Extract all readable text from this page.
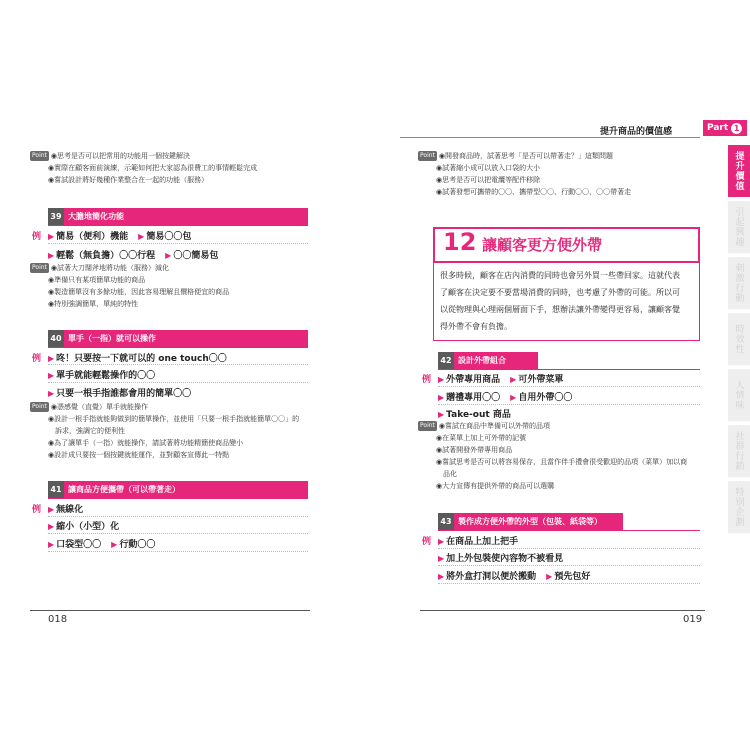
提升商品的價值感	Part 1
提升價值
引起興趣
刺激行動
時效性
人情味
社群行銷
特別企劃
Point ◉思考是否可以把常用的功能用一個按鍵解決
◉實際在顧客面前演練，示範如何把大家認為很費工的事情輕鬆完成
◉嘗試設計將好幾種作業整合在一起的功能（服務）
39 大膽地簡化功能
例 ▶ 簡易（便利）機能 ▶ 簡易〇〇包
▶ 輕鬆（無負擔）〇〇行程 ▶ 〇〇簡易包
Point ◉試著大刀闊斧地將功能（服務）減化
◉準備只有某項簡單功能的商品
◉製造簡單沒有多餘功能，因此容易理解且價格便宜的商品
◉特別強調簡單、單純的特性
40 單手（一指）就可以操作
例 ▶ 咚！只要按一下就可以的 one touch〇〇
▶ 單手就能輕鬆操作的〇〇
▶ 只要一根手指誰都會用的簡單〇〇
Point ◉憑感覺（直覺）單手就能操作
◉設計一根手指就能夠做到的簡單操作，並使用「只要一根手指就能簡單〇〇」的
　訴求，強調它的便利性
◉為了讓單手（一指）就能操作，請試著將功能精簡使商品變小
◉設計成只要按一個按鍵就能運作，並對顧客宣傳此一特點
41 讓商品方便攜帶（可以帶著走）
例 ▶ 無線化
▶ 縮小（小型）化
▶ 口袋型〇〇 ▶ 行動〇〇
018
Point ◉開發商品時，試著思考「是否可以帶著走？」這類問題
◉試著縮小成可以放入口袋的大小
◉思考是否可以把電纜等配件移除
◉試著發想可攜帶的〇〇、攜帶型〇〇、行動〇〇，〇〇帶著走
12 讓顧客更方便外帶
很多時候，顧客在店內消費的同時也會另外買一些帶回家。這就代表
了顧客在決定要不要當場消費的同時，也考慮了外帶的可能。所以可
以從物理與心理兩個層面下手，想辦法讓外帶變得更容易，讓顧客覺
得外帶不會有負擔。
42 設計外帶組合
例 ▶ 外帶專用商品 ▶ 可外帶菜單
▶ 贈禮專用〇〇 ▶ 自用外帶〇〇
▶ Take-out 商品
Point ◉嘗試在商品中準備可以外帶的品項
◉在菜單上加上可外帶的記號
◉試著開發外帶專用商品
◉嘗試思考是否可以將容易保存，且當作伴手禮會很受歡迎的品項（菜單）加以商
　品化
◉大力宣傳有提供外帶的商品可以選購
43 製作成方便外帶的外型（包裝、紙袋等）
例 ▶ 在商品上加上把手
▶ 加上外包裝使內容物不被看見
▶ 將外盒打洞以便於搬動 ▶ 預先包好
019
